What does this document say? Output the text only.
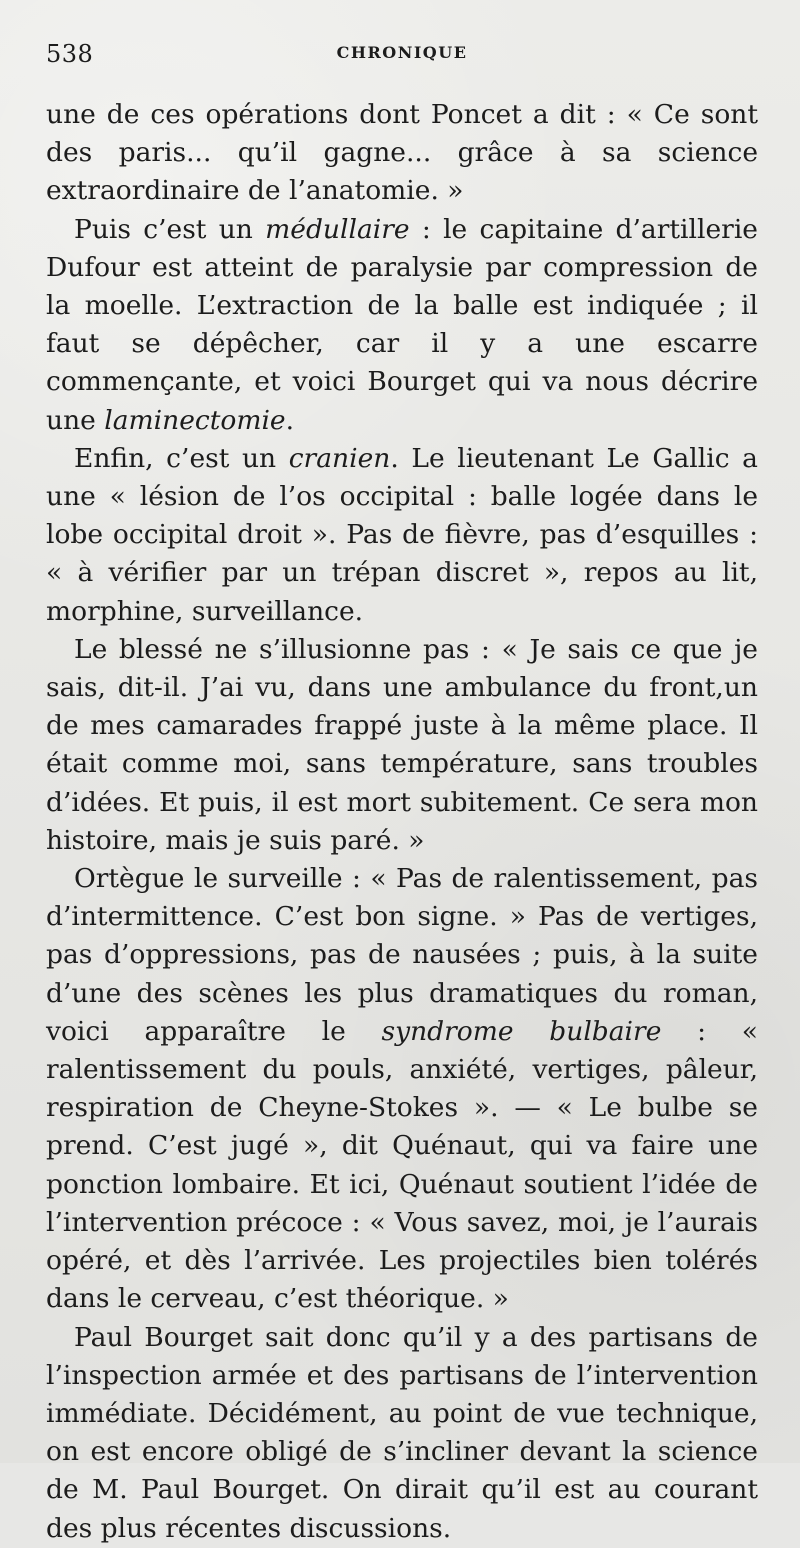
538	CHRONIQUE

une de ces opérations dont Poncet a dit : « Ce sont des paris... qu’il gagne... grâce à sa science extraordinaire de l’anatomie. »

Puis c’est un médullaire : le capitaine d’artillerie Dufour est atteint de paralysie par compression de la moelle. L’extraction de la balle est indiquée ; il faut se dépêcher, car il y a une escarre commençante, et voici Bourget qui va nous décrire une laminectomie.

Enfin, c’est un cranien. Le lieutenant Le Gallic a une « lésion de l’os occipital : balle logée dans le lobe occipital droit ». Pas de fièvre, pas d’esquilles : « à vérifier par un trépan discret », repos au lit, morphine, surveillance.

Le blessé ne s’illusionne pas : « Je sais ce que je sais, dit-il. J’ai vu, dans une ambulance du front,un de mes camarades frappé juste à la même place. Il était comme moi, sans température, sans troubles d’idées. Et puis, il est mort subitement. Ce sera mon histoire, mais je suis paré. »

Ortègue le surveille : « Pas de ralentissement, pas d’intermittence. C’est bon signe. » Pas de vertiges, pas d’oppressions, pas de nausées ; puis, à la suite d’une des scènes les plus dramatiques du roman, voici apparaître le syndrome bulbaire : « ralentissement du pouls, anxiété, vertiges, pâleur, respiration de Cheyne-Stokes ». — « Le bulbe se prend. C’est jugé », dit Quénaut, qui va faire une ponction lombaire. Et ici, Quénaut soutient l’idée de l’intervention précoce : « Vous savez, moi, je l’aurais opéré, et dès l’arrivée. Les projectiles bien tolérés dans le cerveau, c’est théorique. »

Paul Bourget sait donc qu’il y a des partisans de l’inspection armée et des partisans de l’intervention immédiate. Décidément, au point de vue technique, on est encore obligé de s’incliner devant la science de M. Paul Bourget. On dirait qu’il est au courant des plus récentes discussions.
